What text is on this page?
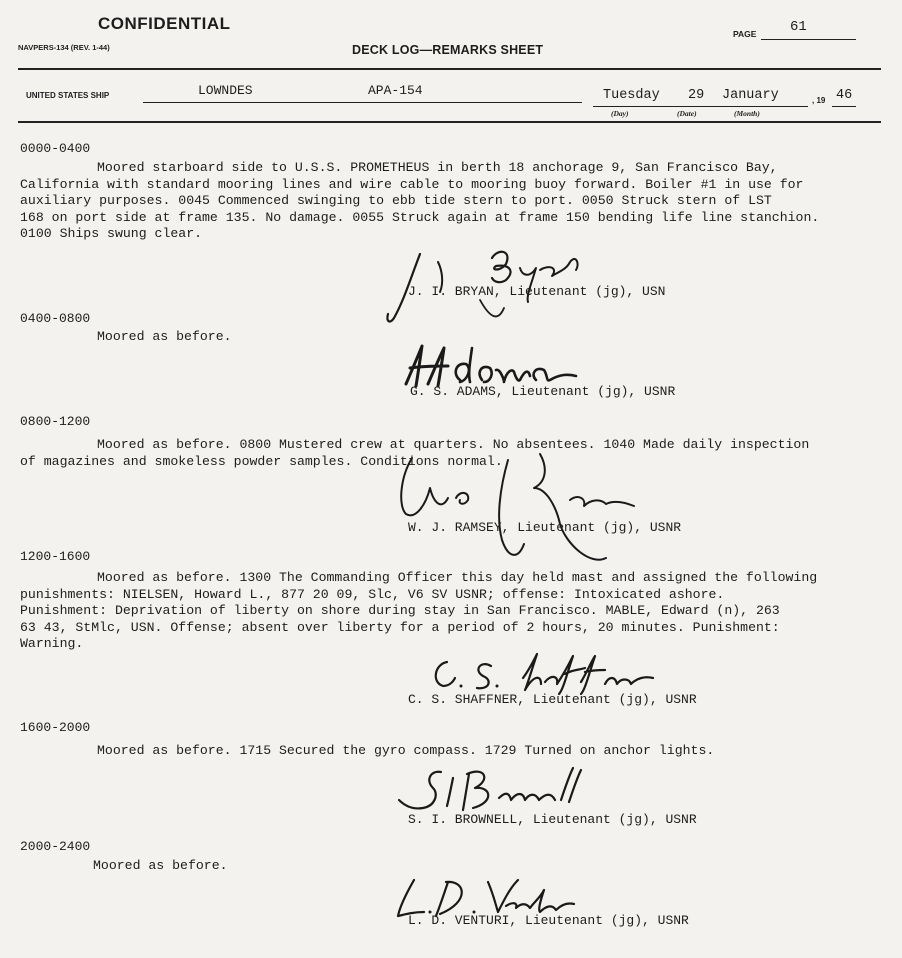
CONFIDENTIAL
NAVPERS-134 (REV. 1-44)	DECK LOG—REMARKS SHEET
PAGE 61
UNITED STATES SHIP	LOWNDES	APA-154	Tuesday 29 January	, 19 46
(Day)	(Date)	(Month)
0000-0400
Moored starboard side to U.S.S. PROMETHEUS in berth 18 anchorage 9, San Francisco Bay,
California with standard mooring lines and wire cable to mooring buoy forward. Boiler #1 in use for
auxiliary purposes. 0045 Commenced swinging to ebb tide stern to port. 0050 Struck stern of LST
168 on port side at frame 135. No damage. 0055 Struck again at frame 150 bending life line stanchion.
0100 Ships swung clear.
J. I. BRYAN, Lieutenant (jg), USN
0400-0800
Moored as before.
G. S. ADAMS, Lieutenant (jg), USNR
0800-1200
Moored as before. 0800 Mustered crew at quarters. No absentees. 1040 Made daily inspection
of magazines and smokeless powder samples. Conditions normal.
W. J. RAMSEY, Lieutenant (jg), USNR
1200-1600
Moored as before. 1300 The Commanding Officer this day held mast and assigned the following
punishments: NIELSEN, Howard L., 877 20 09, Slc, V6 SV USNR; offense: Intoxicated ashore.
Punishment: Deprivation of liberty on shore during stay in San Francisco. MABLE, Edward (n), 263
63 43, StMlc, USN. Offense; absent over liberty for a period of 2 hours, 20 minutes. Punishment:
Warning.
C. S. SHAFFNER, Lieutenant (jg), USNR
1600-2000
Moored as before. 1715 Secured the gyro compass. 1729 Turned on anchor lights.
S. I. BROWNELL, Lieutenant (jg), USNR
2000-2400
Moored as before.
L. D. VENTURI, Lieutenant (jg), USNR
